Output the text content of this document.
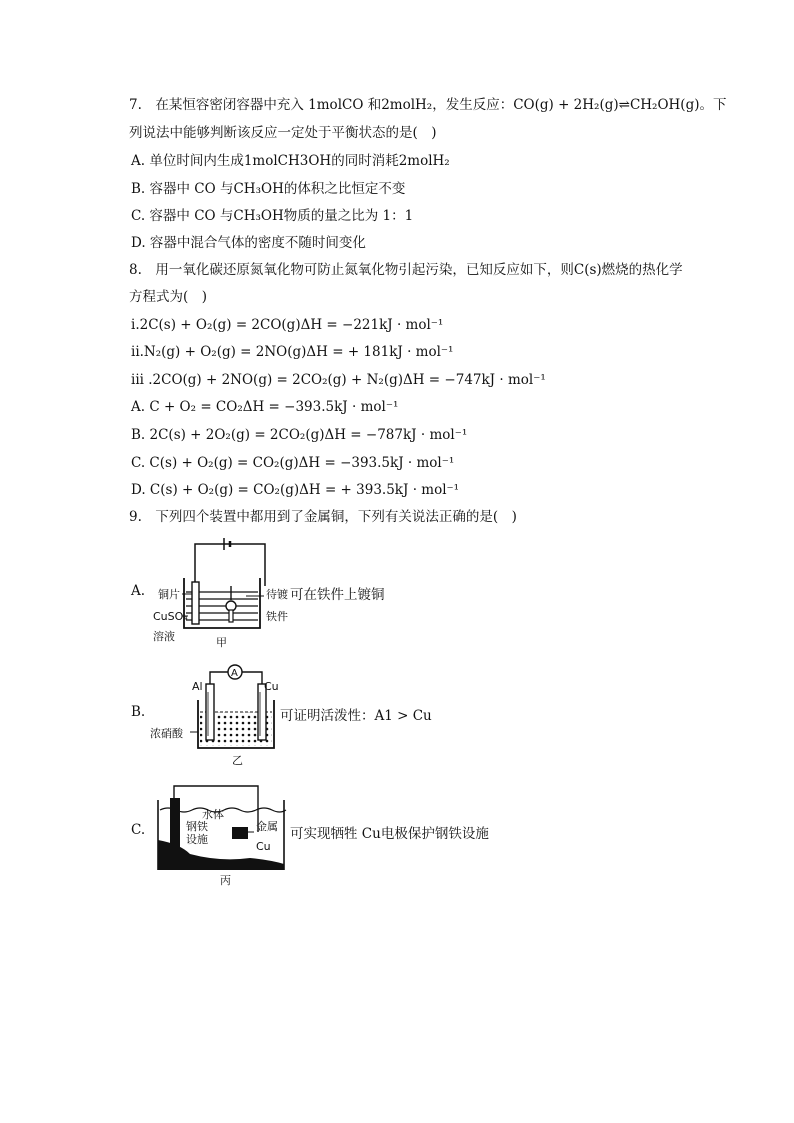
7.　在某恒容密闭容器中充入 1molCO 和2molH₂，发生反应：CO(g) + 2H₂(g)⇌CH₂OH(g)。下
列说法中能够判断该反应一定处于平衡状态的是(　)
A. 单位时间内生成1molCH3OH的同时消耗2molH₂
B. 容器中 CO 与CH₃OH的体积之比恒定不变
C. 容器中 CO 与CH₃OH物质的量之比为 1：1
D. 容器中混合气体的密度不随时间变化
8.　用一氧化碳还原氮氧化物可防止氮氧化物引起污染，已知反应如下，则C(s)燃烧的热化学
方程式为(　)
i.2C(s) + O₂(g) = 2CO(g)ΔH = −221kJ · mol⁻¹
ii.N₂(g) + O₂(g) = 2NO(g)ΔH = + 181kJ · mol⁻¹
iii .2CO(g) + 2NO(g) = 2CO₂(g) + N₂(g)ΔH = −747kJ · mol⁻¹
A. C + O₂ = CO₂ΔH = −393.5kJ · mol⁻¹
B. 2C(s) + 2O₂(g) = 2CO₂(g)ΔH = −787kJ · mol⁻¹
C. C(s) + O₂(g) = CO₂(g)ΔH = −393.5kJ · mol⁻¹
D. C(s) + O₂(g) = CO₂(g)ΔH = + 393.5kJ · mol⁻¹
9.　下列四个装置中都用到了金属铜，下列有关说法正确的是(　)
A. 铜片
CuSO₄
溶液
待镀
铁件
甲
可在铁件上镀铜
B.
A
Al	Cu
浓硝酸
乙
可证明活泼性：A1 > Cu
C.
水体
钢铁
设施
金属
Cu
丙
可实现牺牲 Cu电极保护钢铁设施
